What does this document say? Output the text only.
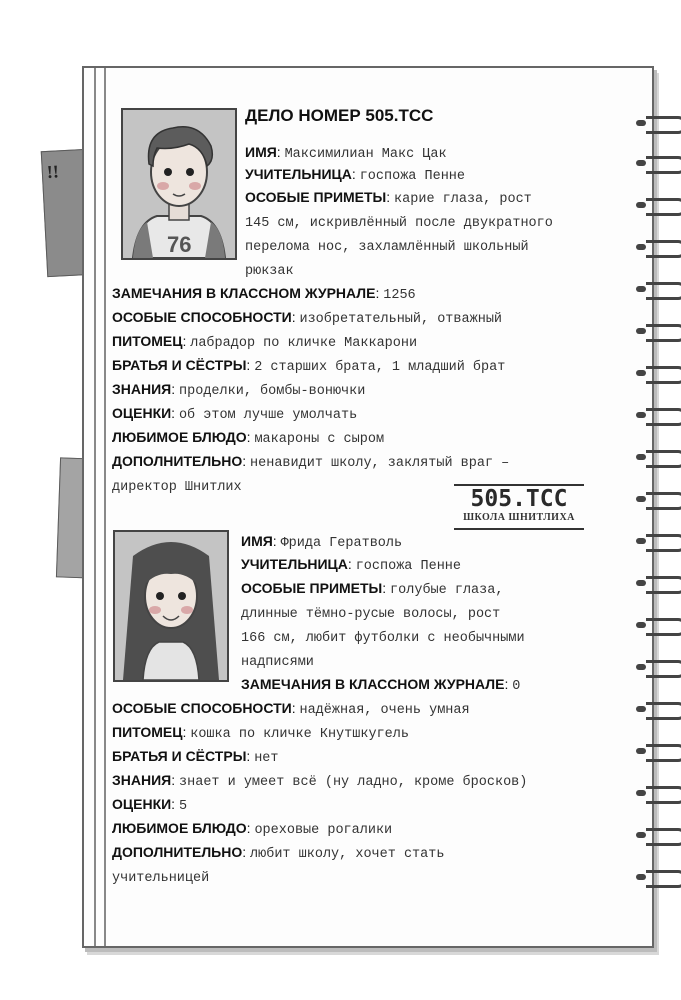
!!
76
ДЕЛО НОМЕР 505.ТСС
ИМЯ: Максимилиан Макс Цак
УЧИТЕЛЬНИЦА: госпожа Пенне
ОСОБЫЕ ПРИМЕТЫ: карие глаза, рост
145 см, искривлённый после двукратного
перелома нос, захламлённый школьный
рюкзак
ЗАМЕЧАНИЯ В КЛАССНОМ ЖУРНАЛЕ: 1256
ОСОБЫЕ СПОСОБНОСТИ: изобретательный, отважный
ПИТОМЕЦ: лабрадор по кличке Маккарони
БРАТЬЯ И СЁСТРЫ: 2 старших брата, 1 младший брат
ЗНАНИЯ: проделки, бомбы-вонючки
ОЦЕНКИ: об этом лучше умолчать
ЛЮБИМОЕ БЛЮДО: макароны с сыром
ДОПОЛНИТЕЛЬНО: ненавидит школу, заклятый враг –
директор Шнитлих	505.ТСС
ШКОЛА ШНИТЛИХА
ИМЯ: Фрида Гератволь
УЧИТЕЛЬНИЦА: госпожа Пенне
ОСОБЫЕ ПРИМЕТЫ: голубые глаза,
длинные тёмно-русые волосы, рост
166 см, любит футболки с необычными
надписями
ЗАМЕЧАНИЯ В КЛАССНОМ ЖУРНАЛЕ: 0
ОСОБЫЕ СПОСОБНОСТИ: надёжная, очень умная
ПИТОМЕЦ: кошка по кличке Кнутшкугель
БРАТЬЯ И СЁСТРЫ: нет
ЗНАНИЯ: знает и умеет всё (ну ладно, кроме бросков)
ОЦЕНКИ: 5
ЛЮБИМОЕ БЛЮДО: ореховые рогалики
ДОПОЛНИТЕЛЬНО: любит школу, хочет стать
учительницей
